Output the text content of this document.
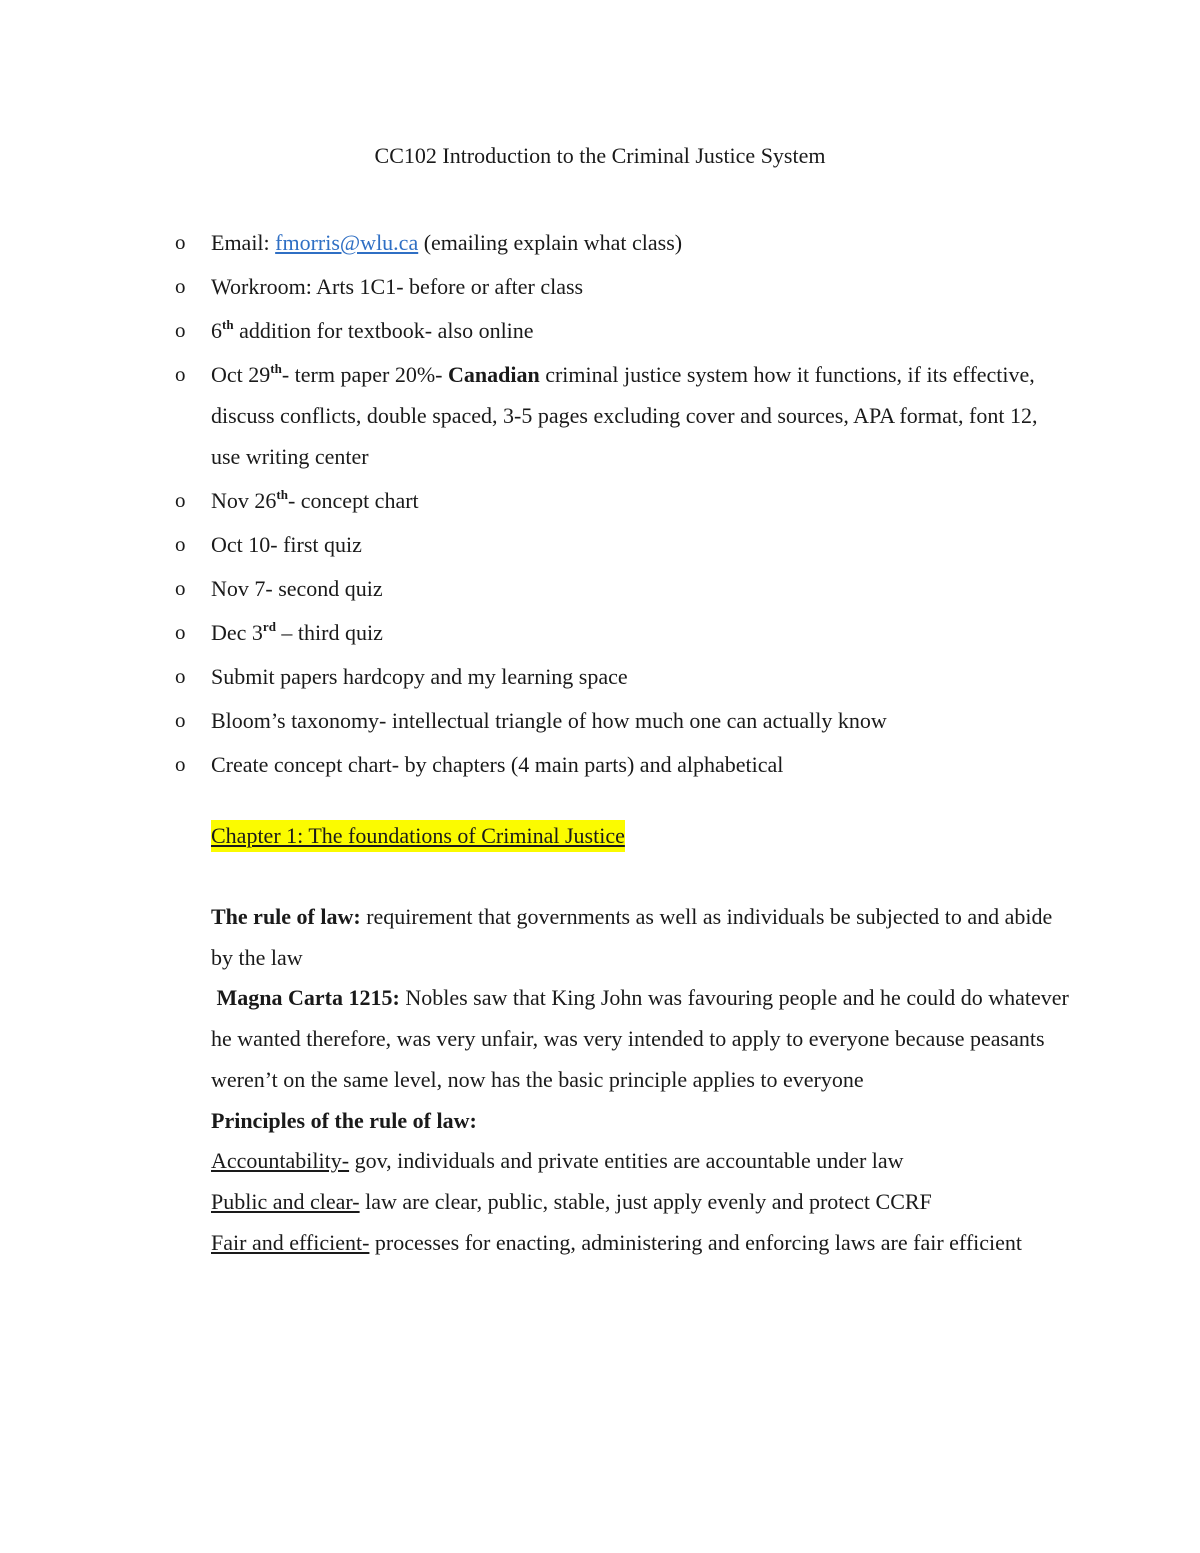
CC102 Introduction to the Criminal Justice System
o Email: fmorris@wlu.ca (emailing explain what class)
o Workroom: Arts 1C1- before or after class
o 6th addition for textbook- also online
o Oct 29th- term paper 20%- Canadian criminal justice system how it functions, if its effective, discuss conflicts, double spaced, 3-5 pages excluding cover and sources, APA format, font 12, use writing center
o Nov 26th- concept chart
o Oct 10- first quiz
o Nov 7- second quiz
o Dec 3rd – third quiz
o Submit papers hardcopy and my learning space
o Bloom’s taxonomy- intellectual triangle of how much one can actually know
o Create concept chart- by chapters (4 main parts) and alphabetical
Chapter 1: The foundations of Criminal Justice

The rule of law: requirement that governments as well as individuals be subjected to and abide by the law

Magna Carta 1215: Nobles saw that King John was favouring people and he could do whatever he wanted therefore, was very unfair, was very intended to apply to everyone because peasants weren’t on the same level, now has the basic principle applies to everyone

Principles of the rule of law:

Accountability- gov, individuals and private entities are accountable under law

Public and clear- law are clear, public, stable, just apply evenly and protect CCRF

Fair and efficient- processes for enacting, administering and enforcing laws are fair efficient
